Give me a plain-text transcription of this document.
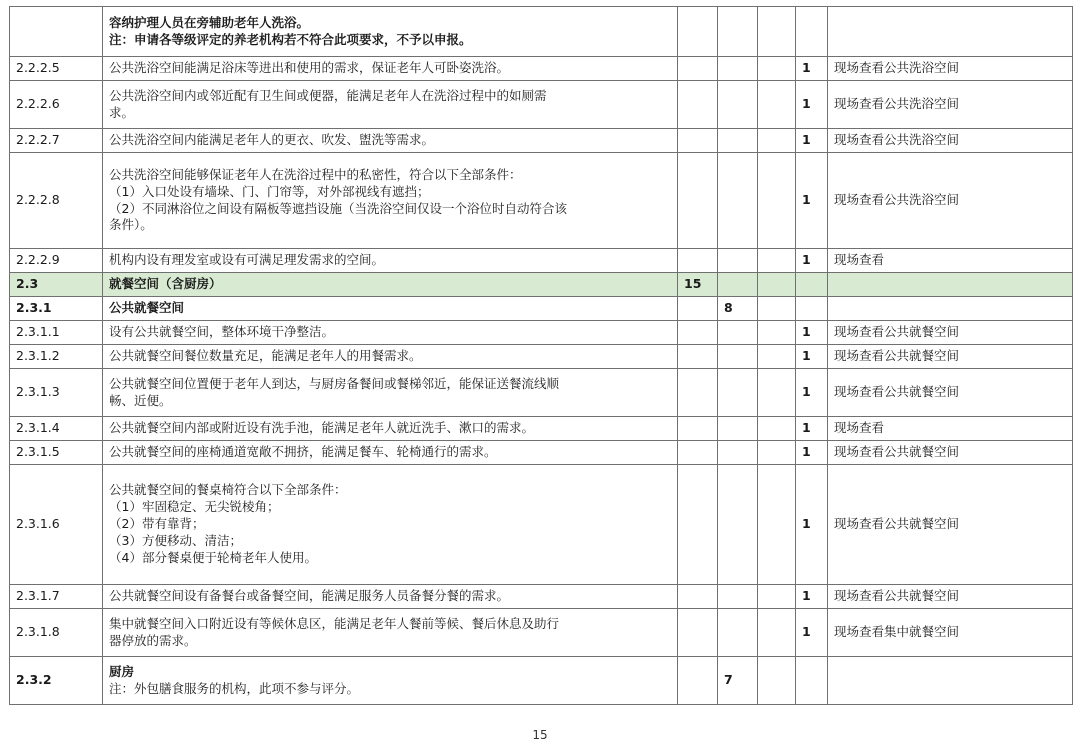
	容纳护理人员在旁辅助老年人洗浴。
注：申请各等级评定的养老机构若不符合此项要求，不予以申报。					

2.2.2.5	公共洗浴空间能满足浴床等进出和使用的需求，保证老年人可卧姿洗浴。				1	现场查看公共洗浴空间
2.2.2.6	公共洗浴空间内或邻近配有卫生间或便器，能满足老年人在洗浴过程中的如厕需
求。				1	现场查看公共洗浴空间
2.2.2.7	公共洗浴空间内能满足老年人的更衣、吹发、盥洗等需求。				1	现场查看公共洗浴空间
2.2.2.8	公共洗浴空间能够保证老年人在洗浴过程中的私密性，符合以下全部条件：
（1）入口处设有墙垛、门、门帘等，对外部视线有遮挡；
（2）不同淋浴位之间设有隔板等遮挡设施（当洗浴空间仅设一个浴位时自动符合该
条件）。				1	现场查看公共洗浴空间
2.2.2.9	机构内设有理发室或设有可满足理发需求的空间。				1	现场查看
2.3	就餐空间（含厨房）	15				
2.3.1	公共就餐空间		8			
2.3.1.1	设有公共就餐空间，整体环境干净整洁。				1	现场查看公共就餐空间
2.3.1.2	公共就餐空间餐位数量充足，能满足老年人的用餐需求。				1	现场查看公共就餐空间
2.3.1.3	公共就餐空间位置便于老年人到达，与厨房备餐间或餐梯邻近，能保证送餐流线顺
畅、近便。				1	现场查看公共就餐空间
2.3.1.4	公共就餐空间内部或附近设有洗手池，能满足老年人就近洗手、漱口的需求。				1	现场查看
2.3.1.5	公共就餐空间的座椅通道宽敞不拥挤，能满足餐车、轮椅通行的需求。				1	现场查看公共就餐空间
2.3.1.6	公共就餐空间的餐桌椅符合以下全部条件：
（1）牢固稳定、无尖锐棱角；
（2）带有靠背；
（3）方便移动、清洁；
（4）部分餐桌便于轮椅老年人使用。				1	现场查看公共就餐空间
2.3.1.7	公共就餐空间设有备餐台或备餐空间，能满足服务人员备餐分餐的需求。				1	现场查看公共就餐空间
2.3.1.8	集中就餐空间入口附近设有等候休息区，能满足老年人餐前等候、餐后休息及助行
器停放的需求。				1	现场查看集中就餐空间
2.3.2	厨房
注：外包膳食服务的机构，此项不参与评分。		7			
15
